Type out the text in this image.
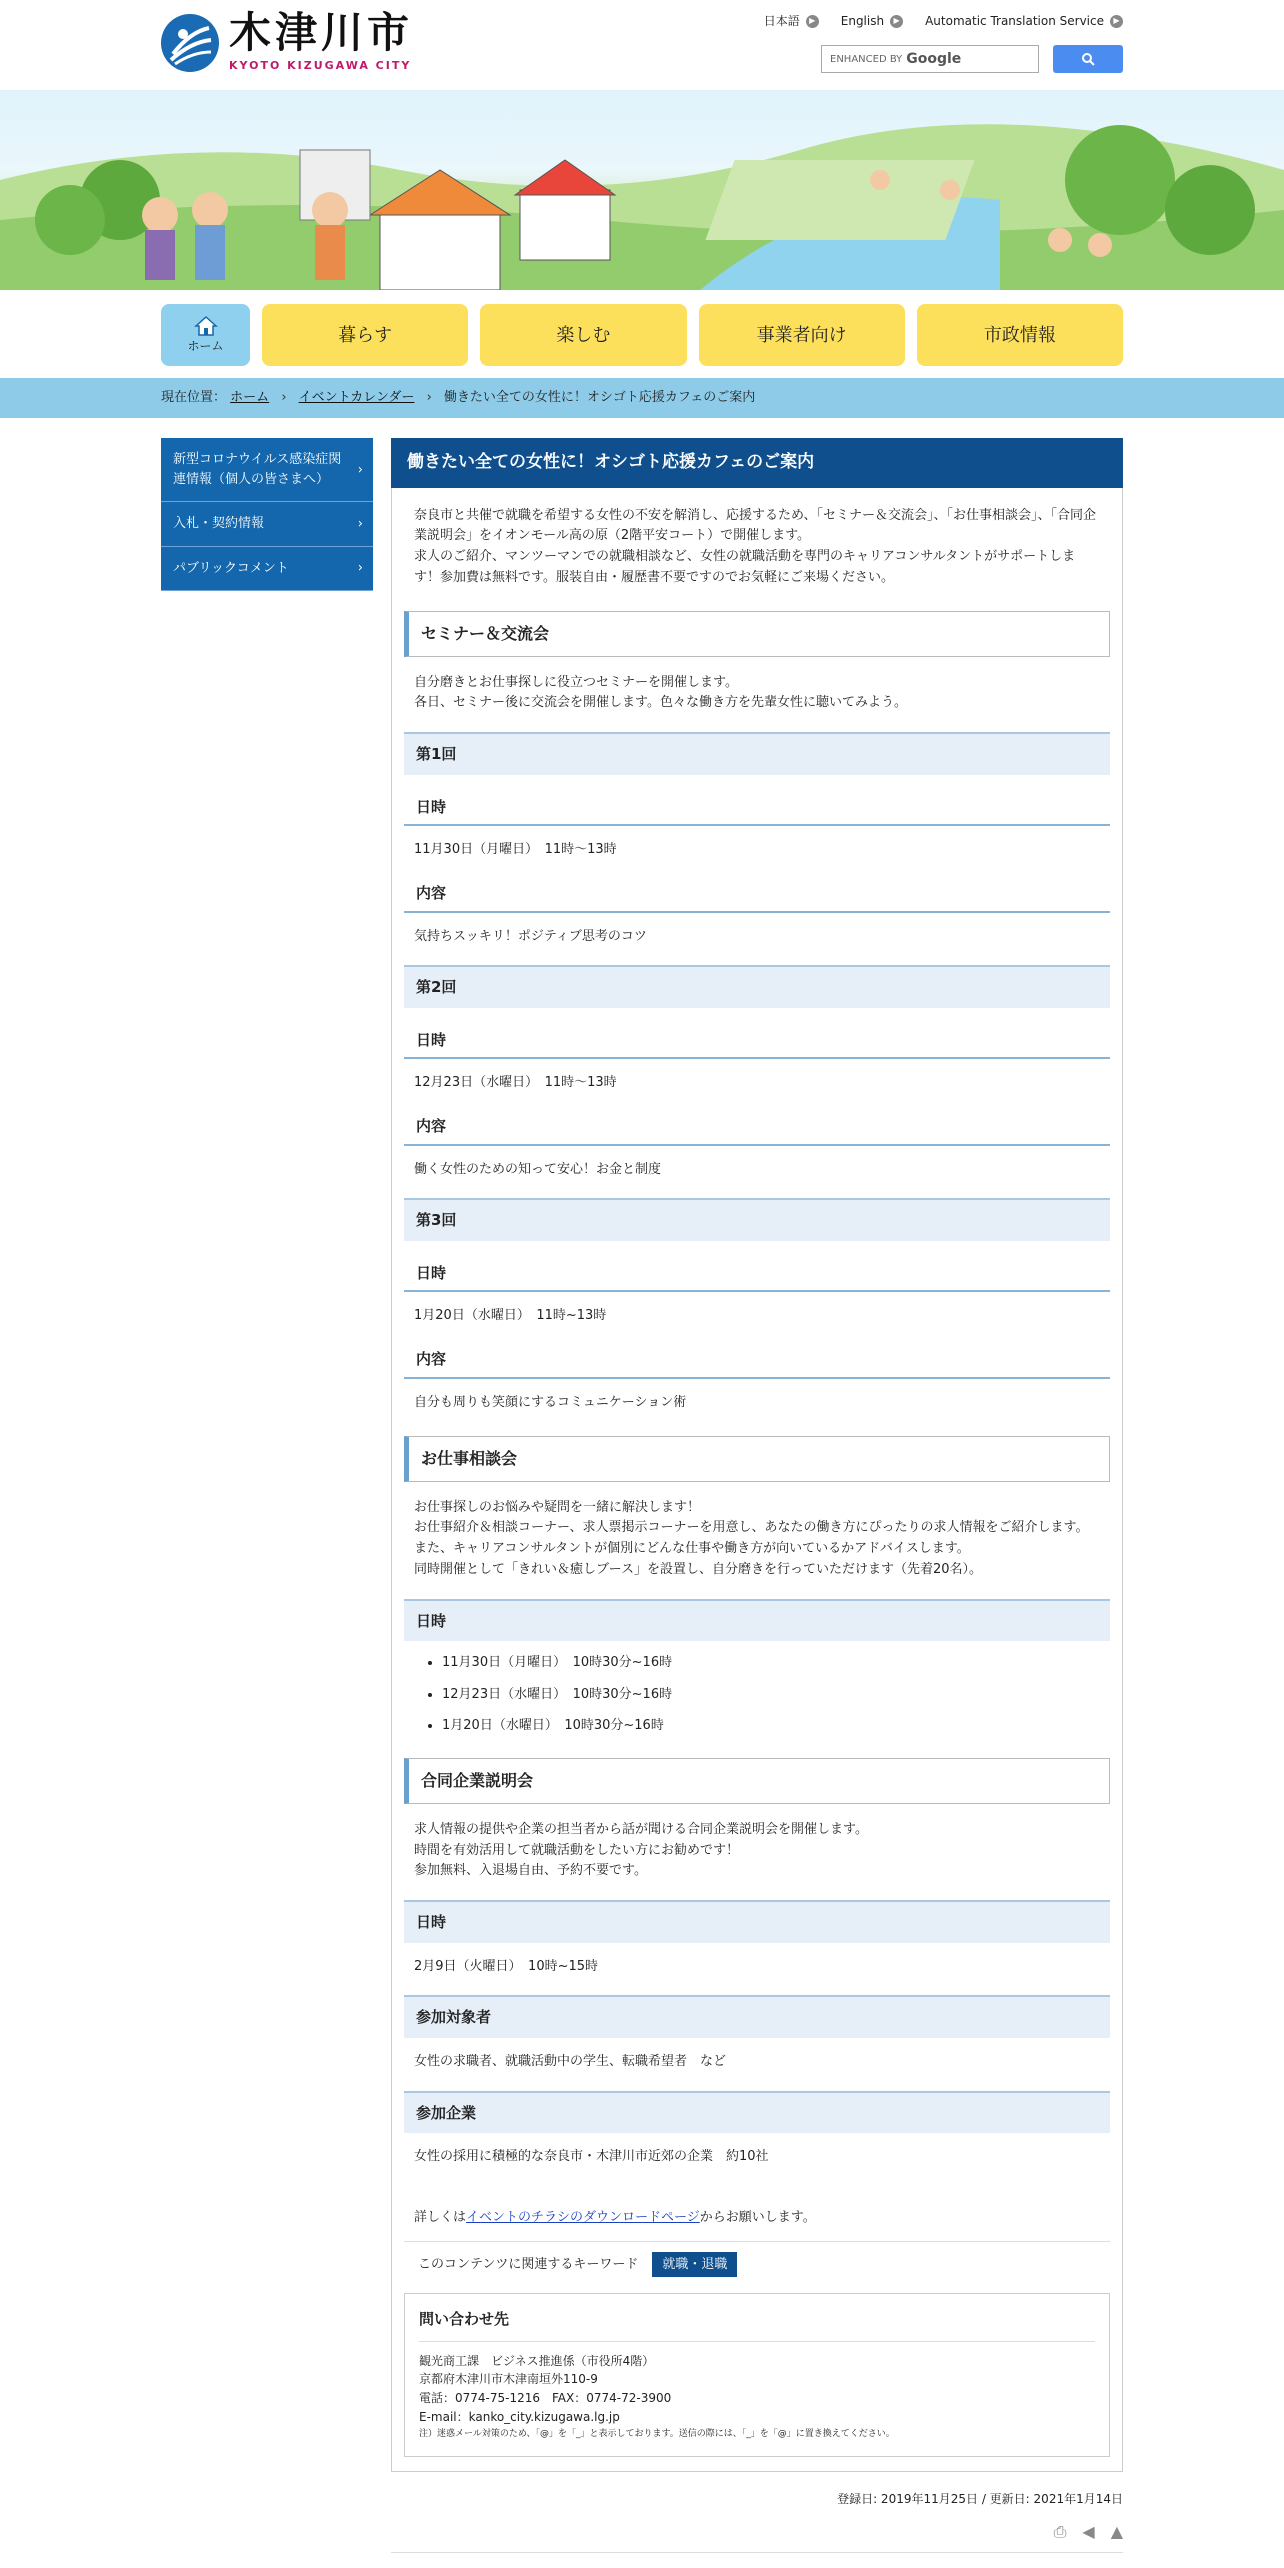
木津川市
KYOTO KIZUGAWA CITY
日本語	▶ English	▶ Automatic Translation Service	▶
ENHANCED BY Google
ホーム
暮らす	楽しむ	事業者向け	市政情報
現在位置： ホーム › イベントカレンダー › 働きたい全ての女性に！オシゴト応援カフェのご案内
新型コロナウイルス感染症関連情報（個人の皆さまへ） ›
入札・契約情報 ›
パブリックコメント ›
働きたい全ての女性に！オシゴト応援カフェのご案内

奈良市と共催で就職を希望する女性の不安を解消し、応援するため、「セミナー＆交流会」、「お仕事相談会」、「合同企業説明会」をイオンモール高の原（2階平安コート）で開催します。

求人のご紹介、マンツーマンでの就職相談など、女性の就職活動を専門のキャリアコンサルタントがサポートします！参加費は無料です。服装自由・履歴書不要ですのでお気軽にご来場ください。

セミナー＆交流会

自分磨きとお仕事探しに役立つセミナーを開催します。

各日、セミナー後に交流会を開催します。色々な働き方を先輩女性に聴いてみよう。

第1回
日時

11月30日（月曜日）　11時～13時

内容

気持ちスッキリ！ポジティブ思考のコツ

第2回
日時

12月23日（水曜日）　11時～13時

内容

働く女性のための知って安心！お金と制度

第3回
日時

1月20日（水曜日）　11時~13時

内容

自分も周りも笑顔にするコミュニケーション術

お仕事相談会

お仕事探しのお悩みや疑問を一緒に解決します！

お仕事紹介＆相談コーナー、求人票掲示コーナーを用意し、あなたの働き方にぴったりの求人情報をご紹介します。また、キャリアコンサルタントが個別にどんな仕事や働き方が向いているかアドバイスします。

同時開催として「きれい＆癒しブース」を設置し、自分磨きを行っていただけます（先着20名）。

日時
• 11月30日（月曜日）　10時30分~16時
• 12月23日（水曜日）　10時30分~16時
• 1月20日（水曜日）　10時30分~16時
合同企業説明会

求人情報の提供や企業の担当者から話が聞ける合同企業説明会を開催します。

時間を有効活用して就職活動をしたい方にお勧めです！

参加無料、入退場自由、予約不要です。

日時

2月9日（火曜日）　10時~15時

参加対象者

女性の求職者、就職活動中の学生、転職希望者　など

参加企業

女性の採用に積極的な奈良市・木津川市近郊の企業　約10社

詳しくはイベントのチラシのダウンロードページからお願いします。

このコンテンツに関連するキーワード	就職・退職
問い合わせ先
観光商工課　ビジネス推進係（市役所4階）
京都府木津川市木津南垣外110-9
電話：0774-75-1216　FAX：0774-72-3900
E-mail：kanko_city.kizugawa.lg.jp
注）迷惑メール対策のため、「@」を「_」と表示しております。送信の際には、「_」を「@」に置き換えてください。
登録日: 2019年11月25日 / 更新日: 2021年1月14日
⎙ ◀ ▲
